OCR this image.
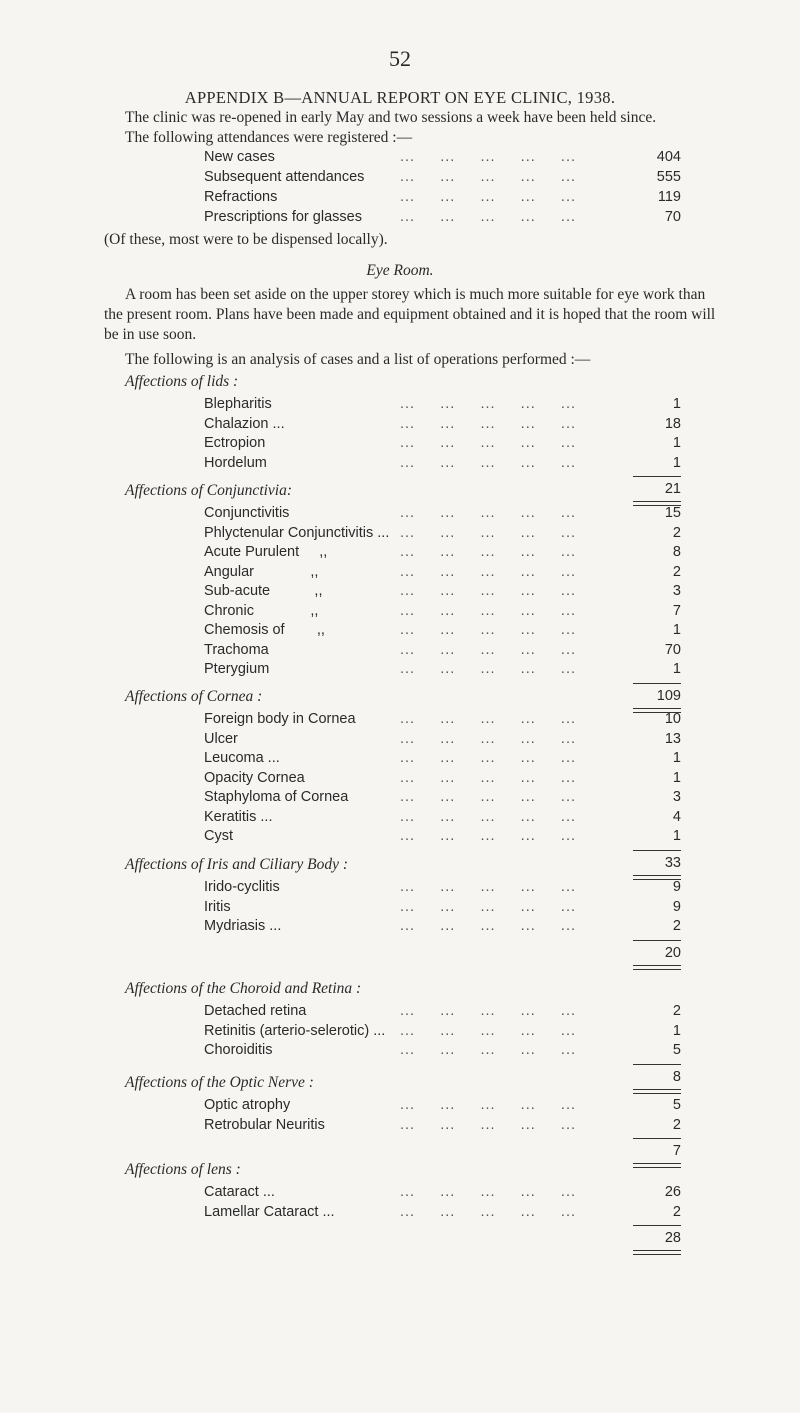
52
APPENDIX B—ANNUAL REPORT ON EYE CLINIC, 1938.
The clinic was re-opened in early May and two sessions a week have been held since.
The following attendances were registered :—
New cases	...     ...     ...     ...     ...	404
Subsequent attendances ...     ...     ...     ...     ...	555
Refractions	...     ...     ...     ...     ...	119
Prescriptions for glasses	...     ...     ...     ...     ...	70
(Of these, most were to be dispensed locally).
Eye Room.
A room has been set aside on the upper storey which is much more suitable for eye work than
the present room. Plans have been made and equipment obtained and it is hoped that the room will
be in use soon.
The following is an analysis of cases and a list of operations performed :—
Affections of lids :
Blepharitis	...     ...     ...     ...     ...	1
Chalazion ...	...     ...     ...     ...     ...	18
Ectropion	...     ...     ...     ...     ...	1
Hordelum	...     ...     ...     ...     ...	1
21
Affections of Conjunctivia:
Conjunctivitis	...     ...     ...     ...     ...	15
Phlyctenular Conjunctivitis ... ...     ...     ...     ...     ...	2
Acute Purulent     ,,	...     ...     ...     ...     ...	8
Angular              ,,	...     ...     ...     ...     ...	2
Sub-acute           ,,	...     ...     ...     ...     ...	3
Chronic              ,,	...     ...     ...     ...     ...	7
Chemosis of        ,,	...     ...     ...     ...     ...	1
Trachoma	...     ...     ...     ...     ...	70
Pterygium	...     ...     ...     ...     ...	1
109
Affections of Cornea :
Foreign body in Cornea	...     ...     ...     ...     ...	10
Ulcer	...     ...     ...     ...     ...	13
Leucoma ...	...     ...     ...     ...     ...	1
Opacity Cornea	...     ...     ...     ...     ...	1
Staphyloma of Cornea	...     ...     ...     ...     ...	3
Keratitis ...	...     ...     ...     ...     ...	4
Cyst	...     ...     ...     ...     ...	1
33
Affections of Iris and Ciliary Body :
Irido-cyclitis	...     ...     ...     ...     ...	9
Iritis	...     ...     ...     ...     ...	9
Mydriasis ...	...     ...     ...     ...     ...	2
20
Affections of the Choroid and Retina :
Detached retina	...     ...     ...     ...     ...	2
Retinitis (arterio-selerotic) ... ...     ...     ...     ...     ...	1
Choroiditis	...     ...     ...     ...     ...	5
8
Affections of the Optic Nerve :
Optic atrophy	...     ...     ...     ...     ...	5
Retrobular Neuritis	...     ...     ...     ...     ...	2
7
Affections of lens :
Cataract ...	...     ...     ...     ...     ...	26
Lamellar Cataract ...	...     ...     ...     ...     ...	2
28
